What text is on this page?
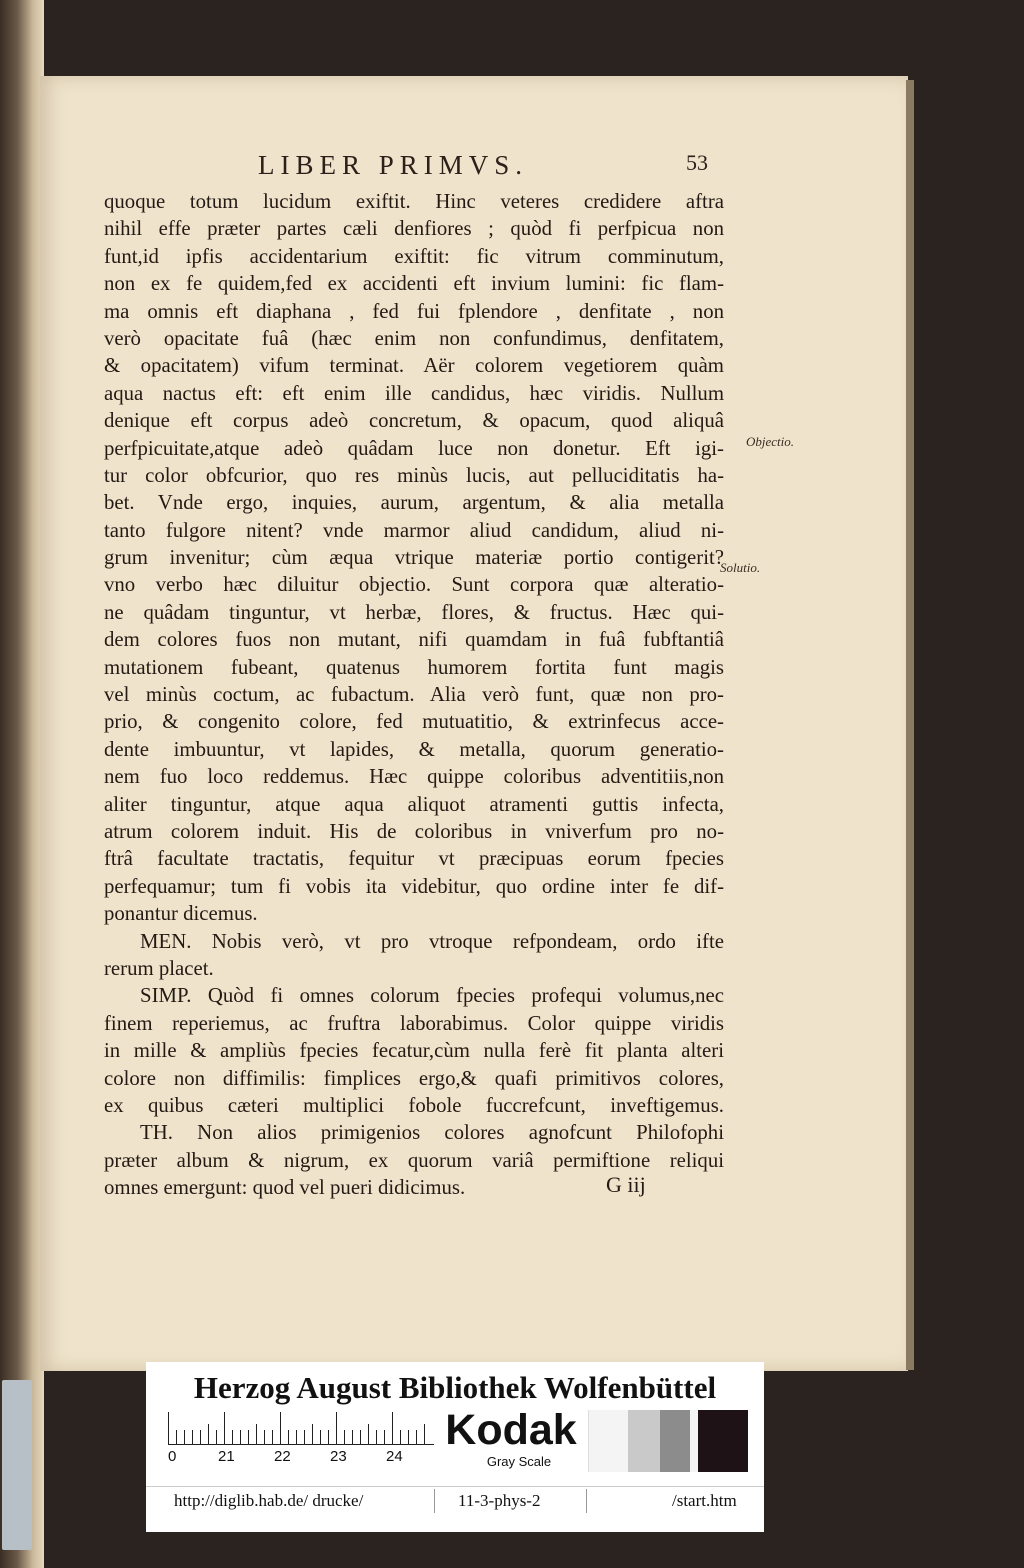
LIBER PRIMVS.	53
quoque totum lucidum exiftit. Hinc veteres credidere aftra
nihil effe præter partes cæli denfiores ; quòd fi perfpicua non
funt,id ipfis accidentarium exiftit: fic vitrum comminutum,
non ex fe quidem,fed ex accidenti eft invium lumini: fic flam-
ma omnis eft diaphana , fed fui fplendore , denfitate , non
verò opacitate fuâ (hæc enim non confundimus, denfitatem,
& opacitatem) vifum terminat. Aër colorem vegetiorem quàm
aqua nactus eft: eft enim ille candidus, hæc viridis. Nullum
denique eft corpus adeò concretum, & opacum, quod aliquâ
perfpicuitate,atque adeò quâdam luce non donetur. Eft igi-
tur color obfcurior, quo res minùs lucis, aut pelluciditatis ha-
bet. Vnde ergo, inquies, aurum, argentum, & alia metalla
tanto fulgore nitent? vnde marmor aliud candidum, aliud ni-
grum invenitur; cùm æqua vtrique materiæ portio contigerit?
vno verbo hæc diluitur objectio. Sunt corpora quæ alteratio-
ne quâdam tinguntur, vt herbæ, flores, & fructus. Hæc qui-
dem colores fuos non mutant, nifi quamdam in fuâ fubftantiâ
mutationem fubeant, quatenus humorem fortita funt magis
vel minùs coctum, ac fubactum. Alia verò funt, quæ non pro-
prio, & congenito colore, fed mutuatitio, & extrinfecus acce-
dente imbuuntur, vt lapides, & metalla, quorum generatio-
nem fuo loco reddemus. Hæc quippe coloribus adventitiis,non
aliter tinguntur, atque aqua aliquot atramenti guttis infecta,
atrum colorem induit. His de coloribus in vniverfum pro no-
ftrâ facultate tractatis, fequitur vt præcipuas eorum fpecies
perfequamur; tum fi vobis ita videbitur, quo ordine inter fe dif-
ponantur dicemus.
MEN. Nobis verò, vt pro vtroque refpondeam, ordo ifte
rerum placet.
SIMP. Quòd fi omnes colorum fpecies profequi volumus,nec
finem reperiemus, ac fruftra laborabimus. Color quippe viridis
in mille & ampliùs fpecies fecatur,cùm nulla ferè fit planta alteri
colore non diffimilis: fimplices ergo,& quafi primitivos colores,
ex quibus cæteri multiplici fobole fuccrefcunt, inveftigemus.
TH. Non alios primigenios colores agnofcunt Philofophi
præter album & nigrum, ex quorum variâ permiftione reliqui
omnes emergunt: quod vel pueri didicimus.
Objectio.
Solutio.
G iij
Herzog August Bibliothek Wolfenbüttel
0	21	22	23	24
Kodak
Gray Scale
http://diglib.hab.de/ drucke/	11-3-phys-2	/start.htm
